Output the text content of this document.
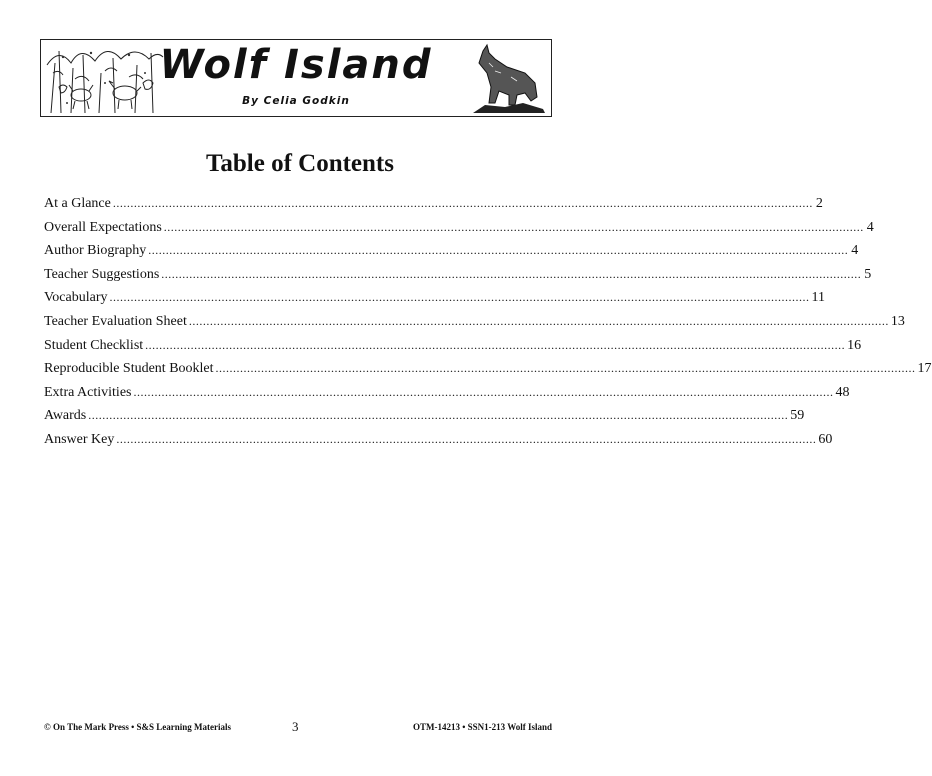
Wolf Island
By Celia Godkin
Table of Contents
At a Glance ........................................................................................................................................................................................................ 2
Overall Expectations ........................................................................................................................................................................................................ 4
Author Biography ........................................................................................................................................................................................................ 4
Teacher Suggestions ........................................................................................................................................................................................................ 5
Vocabulary ........................................................................................................................................................................................................ 11
Teacher Evaluation Sheet ........................................................................................................................................................................................................ 13
Student Checklist ........................................................................................................................................................................................................ 16
Reproducible Student Booklet ........................................................................................................................................................................................................ 17
Extra Activities ........................................................................................................................................................................................................ 48
Awards ........................................................................................................................................................................................................ 59
Answer Key ........................................................................................................................................................................................................ 60
© On The Mark Press • S&S Learning Materials	3	OTM-14213 • SSN1-213 Wolf Island
